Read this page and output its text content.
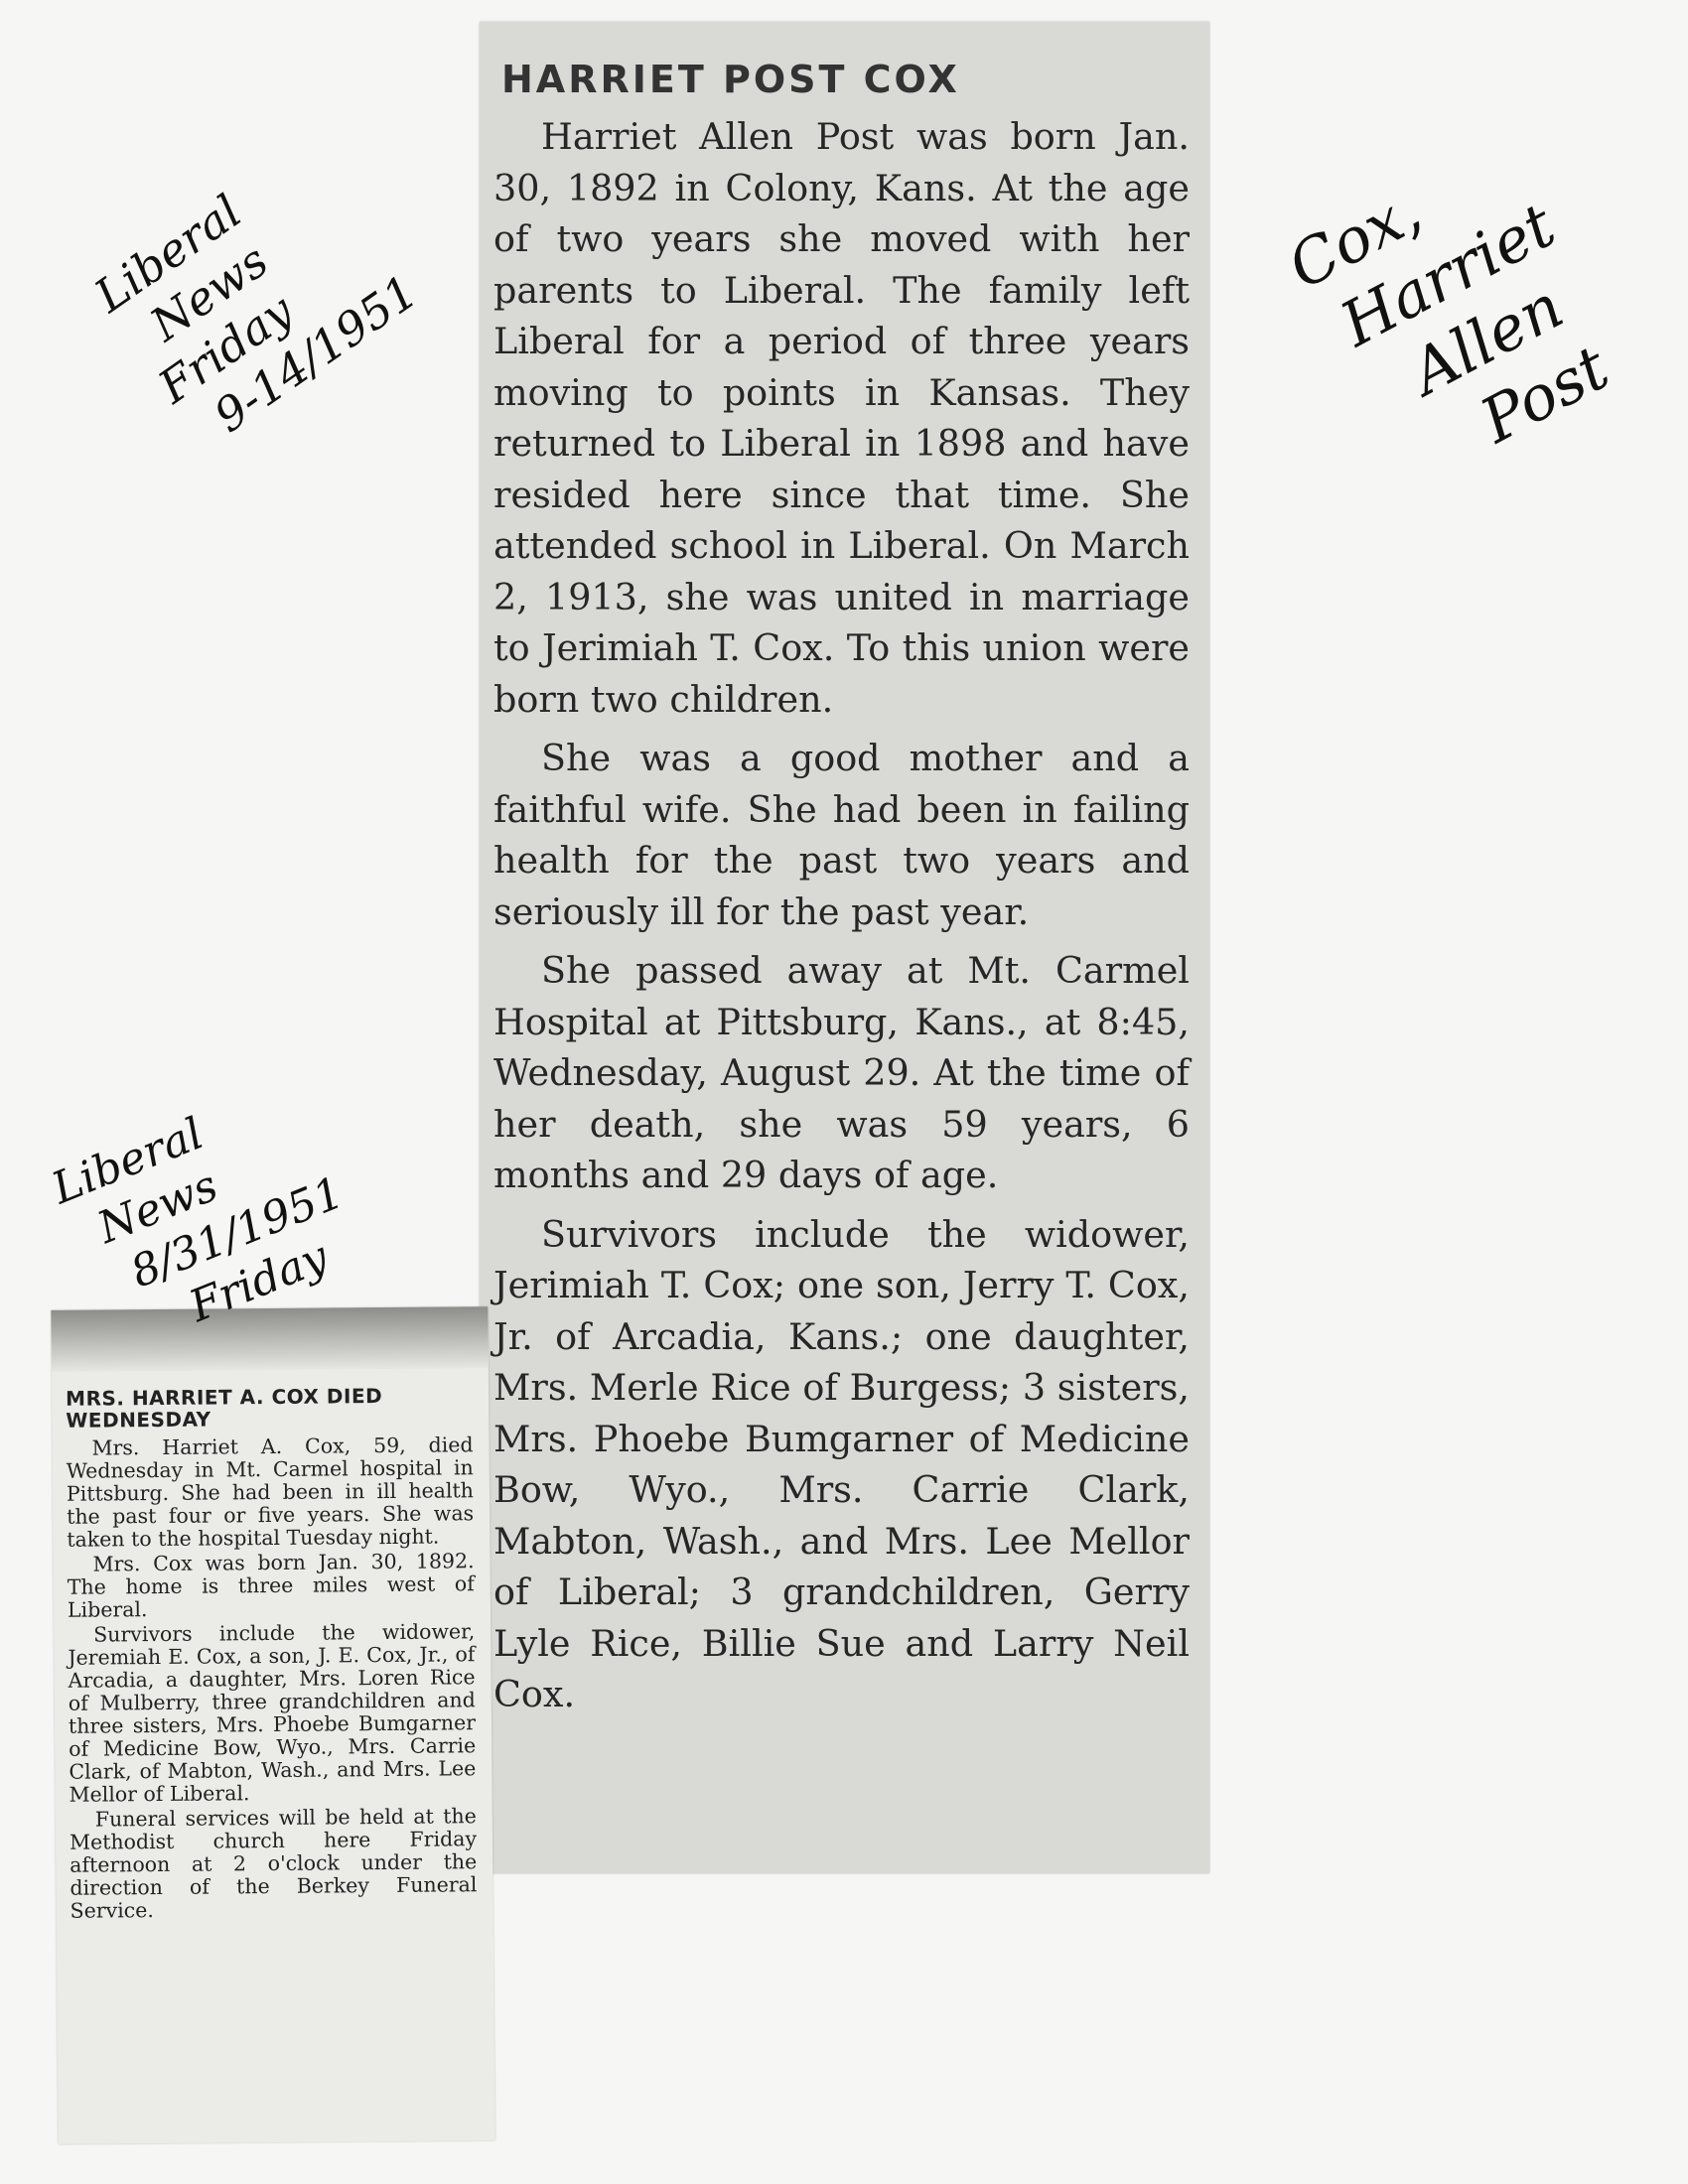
HARRIET POST COX

Harriet Allen Post was born Jan. 30, 1892 in Colony, Kans. At the age of two years she moved with her parents to Liberal. The family left Liberal for a period of three years moving to points in Kansas. They returned to Liberal in 1898 and have resided here since that time. She attended school in Liberal. On March 2, 1913, she was united in marriage to Jerimiah T. Cox. To this union were born two children.

She was a good mother and a faithful wife. She had been in failing health for the past two years and seriously ill for the past year.

She passed away at Mt. Carmel Hospital at Pittsburg, Kans., at 8:45, Wednesday, August 29. At the time of her death, she was 59 years, 6 months and 29 days of age.

Survivors include the widower, Jerimiah T. Cox; one son, Jerry T. Cox, Jr. of Arcadia, Kans.; one daughter, Mrs. Merle Rice of Burgess; 3 sisters, Mrs. Phoebe Bumgarner of Medicine Bow, Wyo., Mrs. Carrie Clark, Mabton, Wash., and Mrs. Lee Mellor of Liberal; 3 grandchildren, Gerry Lyle Rice, Billie Sue and Larry Neil Cox.

MRS. HARRIET A. COX DIED WEDNESDAY

Mrs. Harriet A. Cox, 59, died Wednesday in Mt. Carmel hospital in Pittsburg. She had been in ill health the past four or five years. She was taken to the hospital Tuesday night.

Mrs. Cox was born Jan. 30, 1892. The home is three miles west of Liberal.

Survivors include the widower, Jeremiah E. Cox, a son, J. E. Cox, Jr., of Arcadia, a daughter, Mrs. Loren Rice of Mulberry, three grandchildren and three sisters, Mrs. Phoebe Bumgarner of Medicine Bow, Wyo., Mrs. Carrie Clark, of Mabton, Wash., and Mrs. Lee Mellor of Liberal.

Funeral services will be held at the Methodist church here Friday afternoon at 2 o'clock under the direction of the Berkey Funeral Service.

Liberal
News
Friday
9-14/1951
Cox,
Harriet
Allen
Post
Liberal
News
8/31/1951
Friday
